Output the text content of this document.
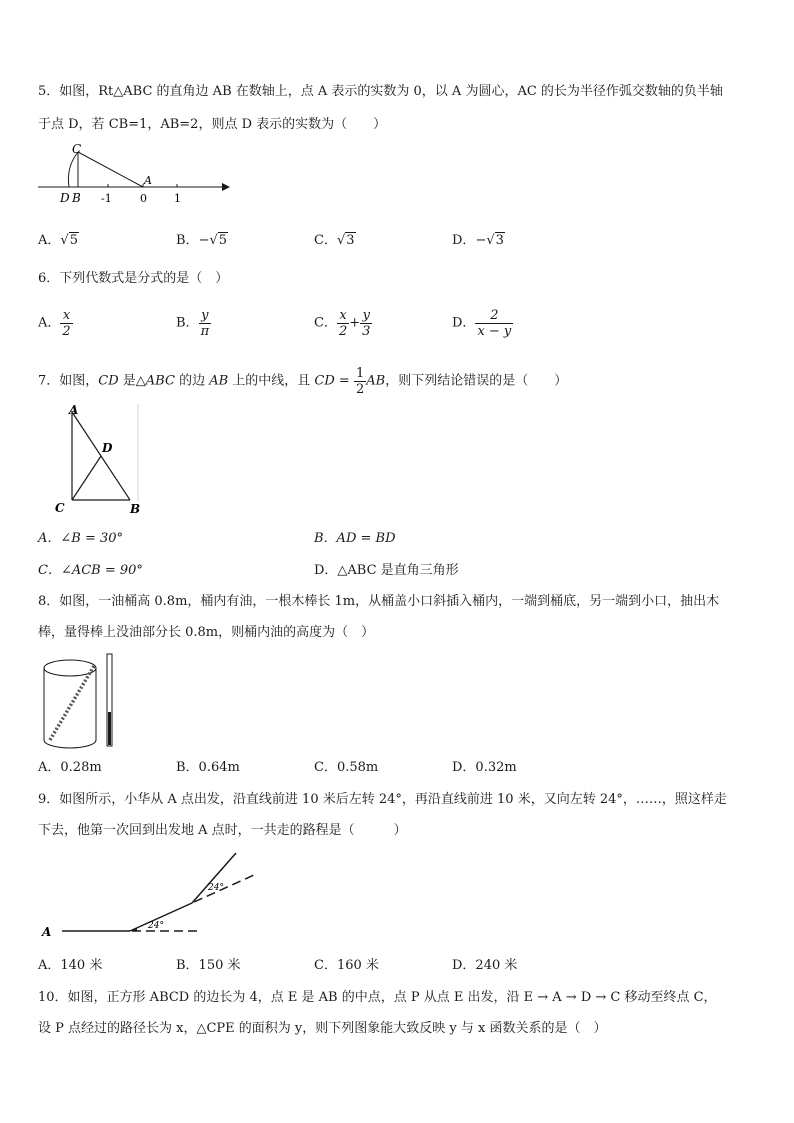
5．如图，Rt△ABC 的直角边 AB 在数轴上，点 A 表示的实数为 0，以 A 为圆心，AC 的长为半径作弧交数轴的负半轴
于点 D，若 CB=1，AB=2，则点 D 表示的实数为（　　）
C
A
D B -1	0 1
A．√5	B．−√5	C．√3	D．−√3
6．下列代数式是分式的是（　）
A． $\frac{x}{2}$	B． $\frac{y}{\pi}$	C． $\frac{x}{2} + \frac{y}{3}$	D． $\frac{2}{x - y}$
7．如图，CD 是△ABC 的边 AB 上的中线，且 CD = $\frac{1}{2}$ AB，则下列结论错误的是（　　）
A
D
C	B
A．∠B = 30°	B．AD = BD
C．∠ACB = 90°	D．△ABC 是直角三角形
8．如图，一油桶高 0.8m，桶内有油，一根木棒长 1m，从桶盖小口斜插入桶内，一端到桶底，另一端到小口，抽出木
棒，量得棒上没油部分长 0.8m，则桶内油的高度为（　）
A．0.28m	B．0.64m	C．0.58m	D．0.32m
9．如图所示，小华从 A 点出发，沿直线前进 10 米后左转 24°，再沿直线前进 10 米，又向左转 24°，……，照这样走
下去，他第一次回到出发地 A 点时，一共走的路程是（　　　）
A	24°
24°
A．140 米	B．150 米	C．160 米	D．240 米
10．如图，正方形 ABCD 的边长为 4，点 E 是 AB 的中点，点 P 从点 E 出发，沿 E → A → D → C 移动至终点 C，
设 P 点经过的路径长为 x，△CPE 的面积为 y，则下列图象能大致反映 y 与 x 函数关系的是（　）
